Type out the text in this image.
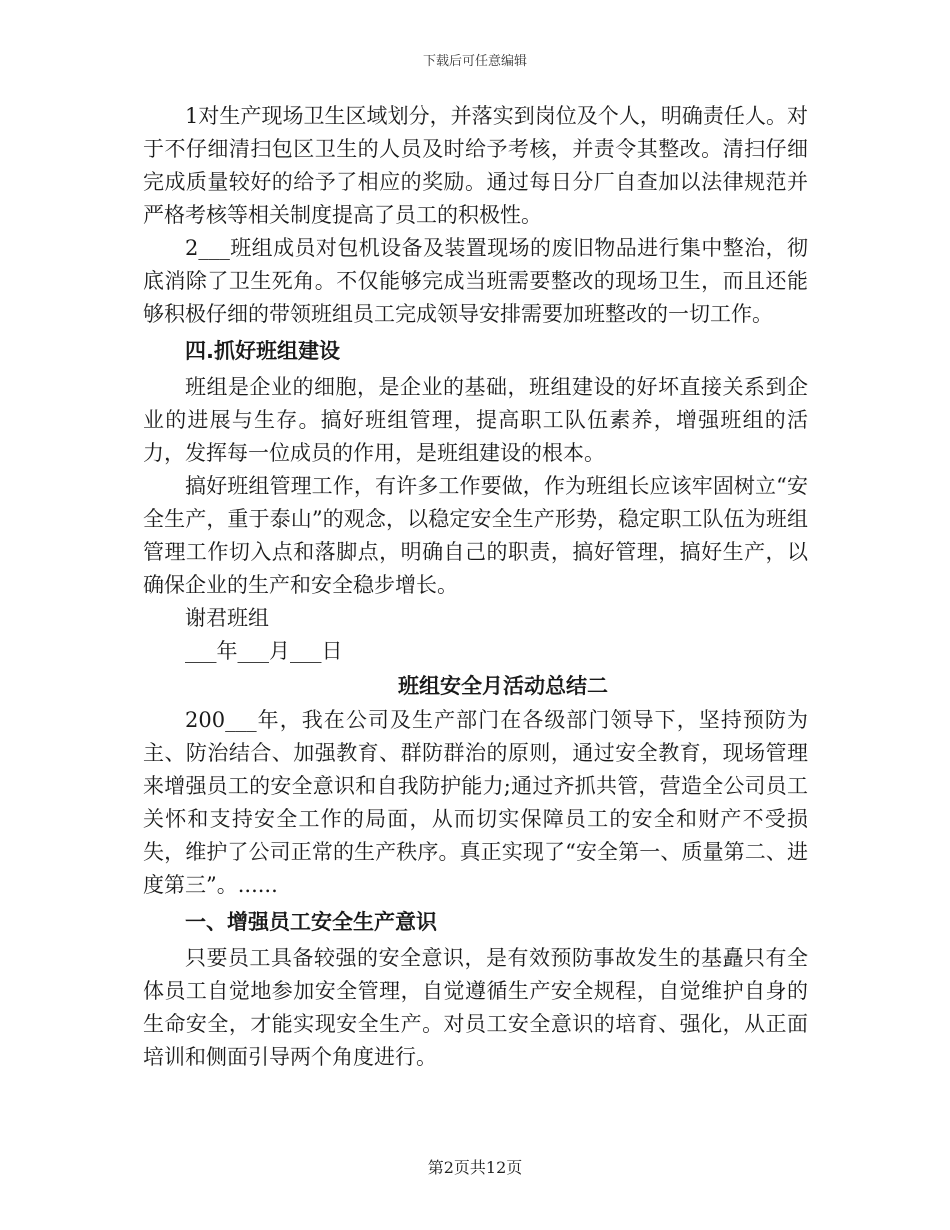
下载后可任意编辑

1对生产现场卫生区域划分，并落实到岗位及个人，明确责任人。对于不仔细清扫包区卫生的人员及时给予考核，并责令其整改。清扫仔细完成质量较好的给予了相应的奖励。通过每日分厂自查加以法律规范并严格考核等相关制度提高了员工的积极性。

2___班组成员对包机设备及装置现场的废旧物品进行集中整治，彻底消除了卫生死角。不仅能够完成当班需要整改的现场卫生，而且还能够积极仔细的带领班组员工完成领导安排需要加班整改的一切工作。

四.抓好班组建设

班组是企业的细胞，是企业的基础，班组建设的好坏直接关系到企业的进展与生存。搞好班组管理，提高职工队伍素养，增强班组的活力，发挥每一位成员的作用，是班组建设的根本。

搞好班组管理工作，有许多工作要做，作为班组长应该牢固树立“安全生产，重于泰山”的观念，以稳定安全生产形势，稳定职工队伍为班组管理工作切入点和落脚点，明确自己的职责，搞好管理，搞好生产，以确保企业的生产和安全稳步增长。

谢君班组

___年___月___日

班组安全月活动总结二

200___年，我在公司及生产部门在各级部门领导下，坚持预防为主、防治结合、加强教育、群防群治的原则，通过安全教育，现场管理来增强员工的安全意识和自我防护能力;通过齐抓共管，营造全公司员工关怀和支持安全工作的局面，从而切实保障员工的安全和财产不受损失，维护了公司正常的生产秩序。真正实现了“安全第一、质量第二、进度第三”。......

一、增强员工安全生产意识

只要员工具备较强的安全意识，是有效预防事故发生的基矗只有全体员工自觉地参加安全管理，自觉遵循生产安全规程，自觉维护自身的生命安全，才能实现安全生产。对员工安全意识的培育、强化，从正面培训和侧面引导两个角度进行。

第2页共12页
